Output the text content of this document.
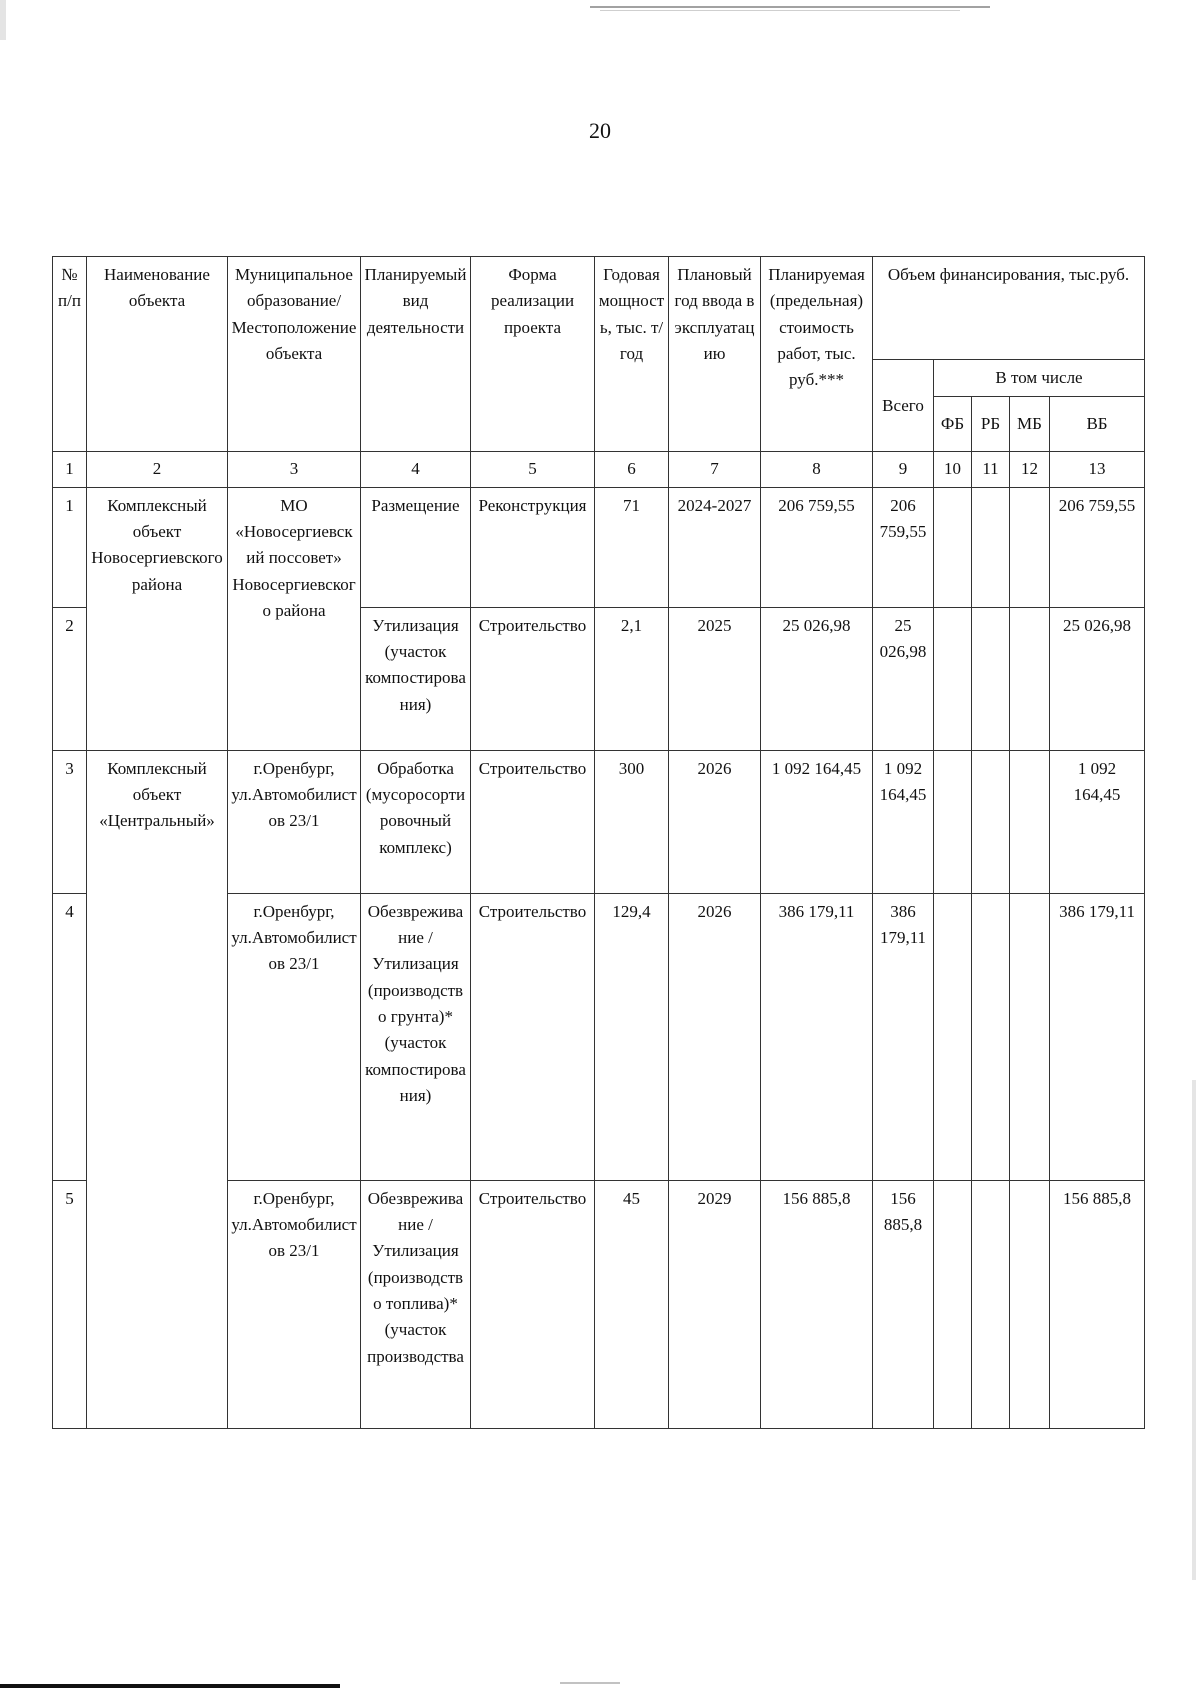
20
№ п/п	Наименование объекта	Муниципальное образование/ Местоположение объекта	Планируемый вид деятельности	Форма реализации проекта	Годовая мощность, тыс. т/год	Плановый год ввода в эксплуатацию	Планируемая (предельная) стоимость работ, тыс. руб.***	Объем финансирования, тыс.руб.				
								Всего	В том числе			
									ФБ	РБ	МБ	ВБ
1	2	3	4	5	6	7	8	9	10	11	12	13
1	Комплексный объект Новосергиевского района	МО «Новосергиевский поссовет» Новосергиевского района	Размещение	Реконструкция	71	2024-2027	206 759,55	206 759,55				206 759,55
2			Утилизация (участок компостирования)	Строительство	2,1	2025	25 026,98	25 026,98				25 026,98
3	Комплексный объект «Центральный»	г.Оренбург, ул.Автомобилистов 23/1	Обработка (мусоросортировочный комплекс)	Строительство	300	2026	1 092 164,45	1 092 164,45				1 092 164,45
4		г.Оренбург, ул.Автомобилистов 23/1	Обезвреживание / Утилизация (производство грунта)* (участок компостирования)	Строительство	129,4	2026	386 179,11	386 179,11				386 179,11
5		г.Оренбург, ул.Автомобилистов 23/1	Обезвреживание / Утилизация (производство топлива)* (участок производства	Строительство	45	2029	156 885,8	156 885,8				156 885,8
